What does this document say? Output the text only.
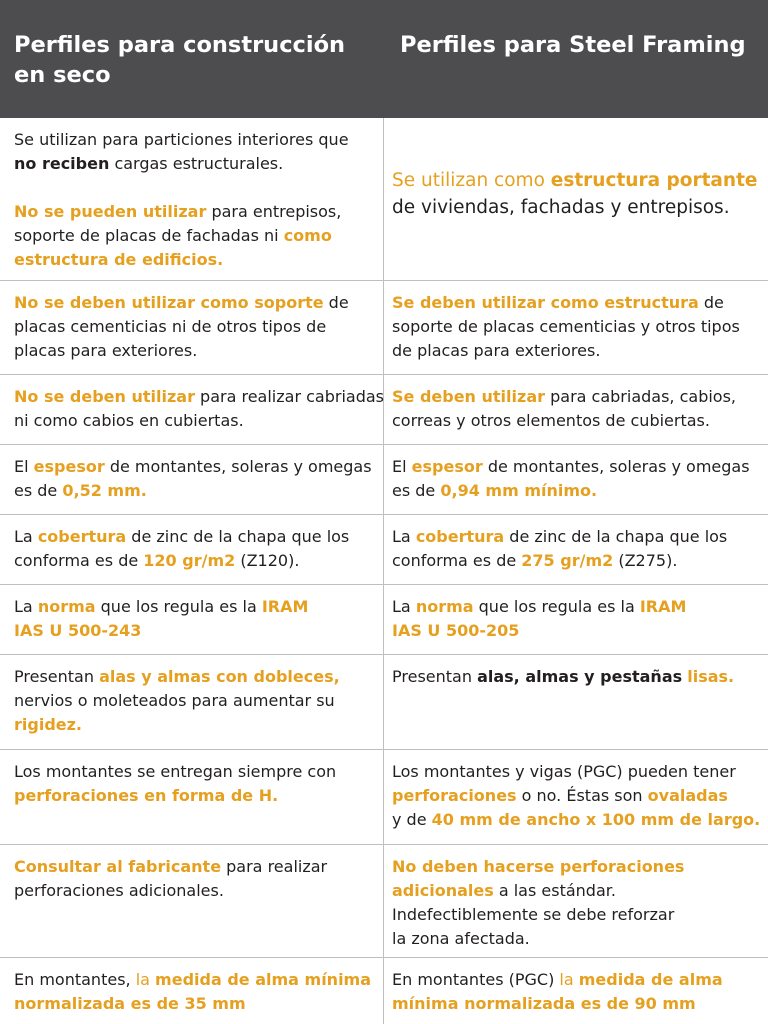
Perfiles para construcción
en seco
Perfiles para Steel Framing

Se utilizan para particiones interiores que

no reciben cargas estructurales.

No se pueden utilizar para entrepisos,

soporte de placas de fachadas ni como

estructura de edificios.

Se utilizan como estructura portante

de viviendas, fachadas y entrepisos.

No se deben utilizar como soporte de

placas cementicias ni de otros tipos de

placas para exteriores.

Se deben utilizar como estructura de

soporte de placas cementicias y otros tipos

de placas para exteriores.

No se deben utilizar para realizar cabriadas

ni como cabios en cubiertas.

Se deben utilizar para cabriadas, cabios,

correas y otros elementos de cubiertas.

El espesor de montantes, soleras y omegas

es de 0,52 mm.

El espesor de montantes, soleras y omegas

es de 0,94 mm mínimo.

La cobertura de zinc de la chapa que los

conforma es de 120 gr/m2 (Z120).

La cobertura de zinc de la chapa que los

conforma es de 275 gr/m2 (Z275).

La norma que los regula es la IRAM

IAS U 500-243

La norma que los regula es la IRAM

IAS U 500-205

Presentan alas y almas con dobleces,

nervios o moleteados para aumentar su

rigidez.

Presentan alas, almas y pestañas lisas.

Los montantes se entregan siempre con

perforaciones en forma de H.

Los montantes y vigas (PGC) pueden tener

perforaciones o no. Éstas son ovaladas

y de 40 mm de ancho x 100 mm de largo.

Consultar al fabricante para realizar

perforaciones adicionales.

No deben hacerse perforaciones

adicionales a las estándar.

Indefectiblemente se debe reforzar

la zona afectada.

En montantes, la medida de alma mínima

normalizada es de 35 mm

En montantes (PGC) la medida de alma

mínima normalizada es de 90 mm
